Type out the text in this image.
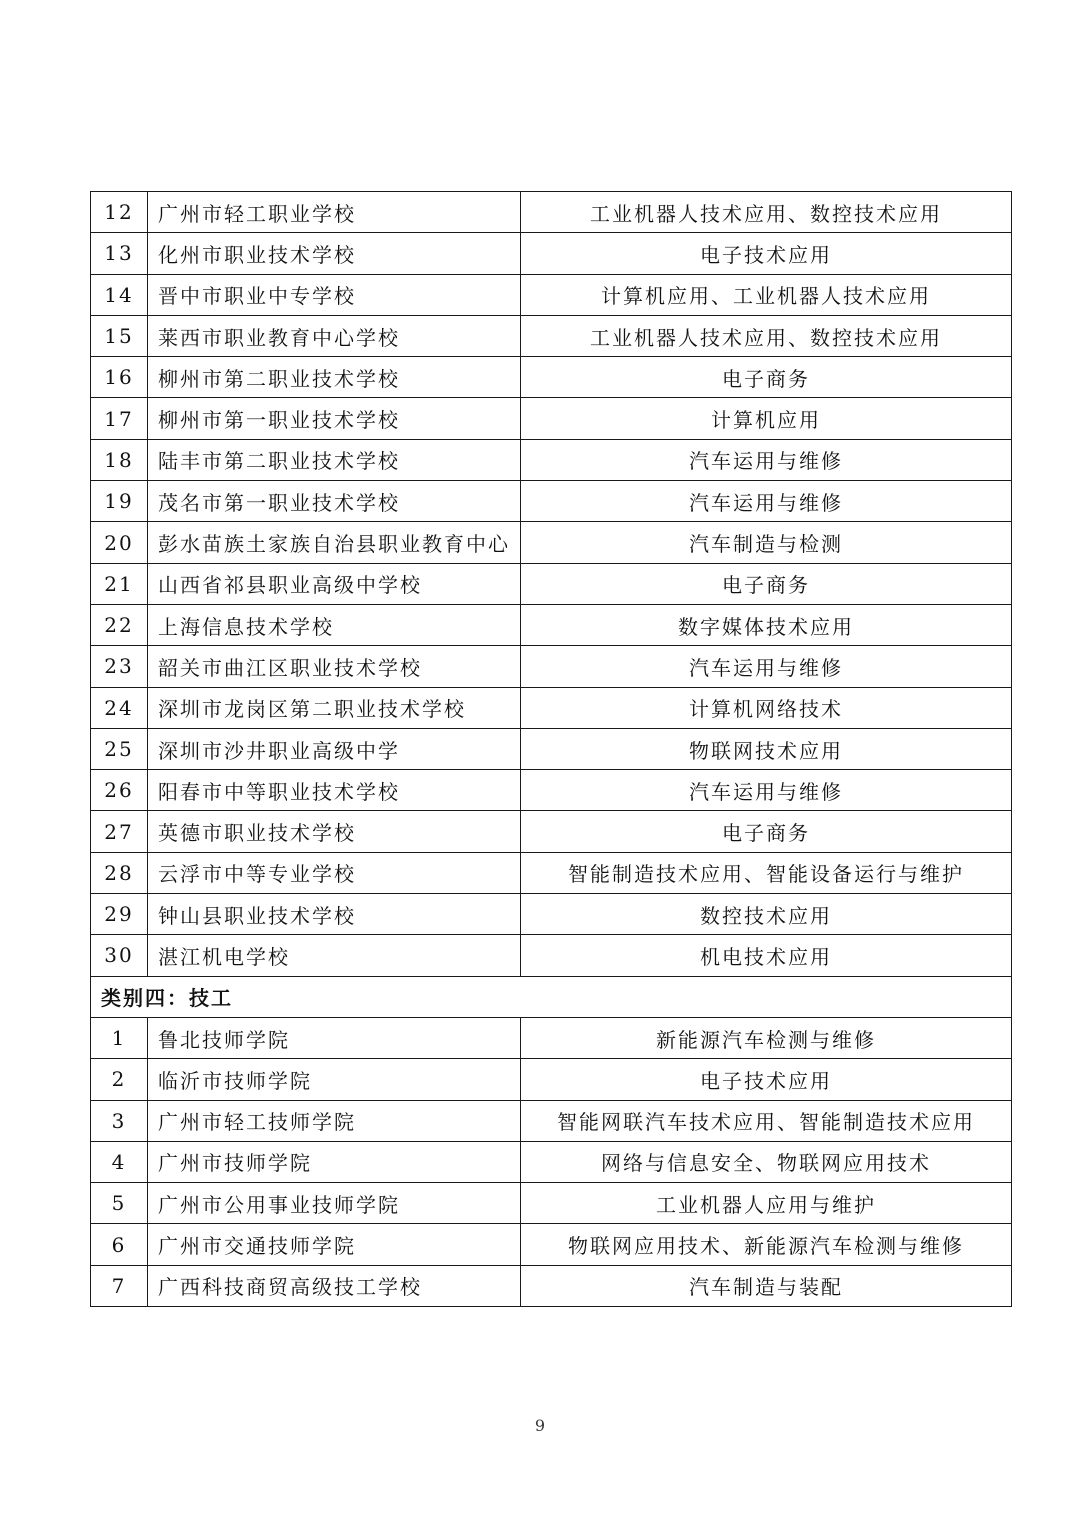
12	广州市轻工职业学校	工业机器人技术应用、数控技术应用
13	化州市职业技术学校	电子技术应用
14	晋中市职业中专学校	计算机应用、工业机器人技术应用
15	莱西市职业教育中心学校	工业机器人技术应用、数控技术应用
16	柳州市第二职业技术学校	电子商务
17	柳州市第一职业技术学校	计算机应用
18	陆丰市第二职业技术学校	汽车运用与维修
19	茂名市第一职业技术学校	汽车运用与维修
20	彭水苗族土家族自治县职业教育中心	汽车制造与检测
21	山西省祁县职业高级中学校	电子商务
22	上海信息技术学校	数字媒体技术应用
23	韶关市曲江区职业技术学校	汽车运用与维修
24	深圳市龙岗区第二职业技术学校	计算机网络技术
25	深圳市沙井职业高级中学	物联网技术应用
26	阳春市中等职业技术学校	汽车运用与维修
27	英德市职业技术学校	电子商务
28	云浮市中等专业学校	智能制造技术应用、智能设备运行与维护
29	钟山县职业技术学校	数控技术应用
30	湛江机电学校	机电技术应用
类别四：技工		
1	鲁北技师学院	新能源汽车检测与维修
2	临沂市技师学院	电子技术应用
3	广州市轻工技师学院	智能网联汽车技术应用、智能制造技术应用
4	广州市技师学院	网络与信息安全、物联网应用技术
5	广州市公用事业技师学院	工业机器人应用与维护
6	广州市交通技师学院	物联网应用技术、新能源汽车检测与维修
7	广西科技商贸高级技工学校	汽车制造与装配
9
